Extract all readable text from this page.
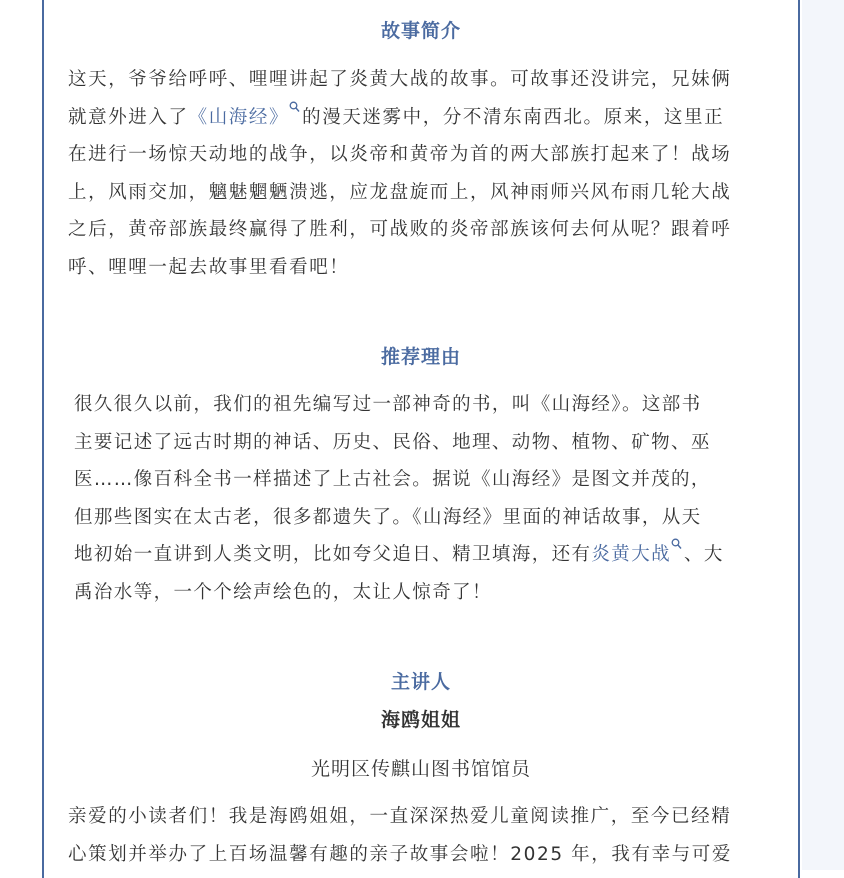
故事简介
这天，爷爷给呼呼、哩哩讲起了炎黄大战的故事。可故事还没讲完，兄妹俩
就意外进入了《山海经》 的漫天迷雾中，分不清东南西北。原来，这里正
在进行一场惊天动地的战争，以炎帝和黄帝为首的两大部族打起来了！战场
上，风雨交加，魑魅魍魉溃逃，应龙盘旋而上，风神雨师兴风布雨几轮大战
之后，黄帝部族最终赢得了胜利，可战败的炎帝部族该何去何从呢？跟着呼
呼、哩哩一起去故事里看看吧！
推荐理由
很久很久以前，我们的祖先编写过一部神奇的书，叫《山海经》。这部书
主要记述了远古时期的神话、历史、民俗、地理、动物、植物、矿物、巫
医……像百科全书一样描述了上古社会。据说《山海经》是图文并茂的，
但那些图实在太古老，很多都遗失了。《山海经》里面的神话故事，从天
地初始一直讲到人类文明，比如夸父追日、精卫填海，还有炎黄大战 、大
禹治水等，一个个绘声绘色的，太让人惊奇了！
主讲人
海鸥姐姐
光明区传麒山图书馆馆员
亲爱的小读者们！我是海鸥姐姐，一直深深热爱儿童阅读推广，至今已经精
心策划并举办了上百场温馨有趣的亲子故事会啦！2025 年，我有幸与可爱
